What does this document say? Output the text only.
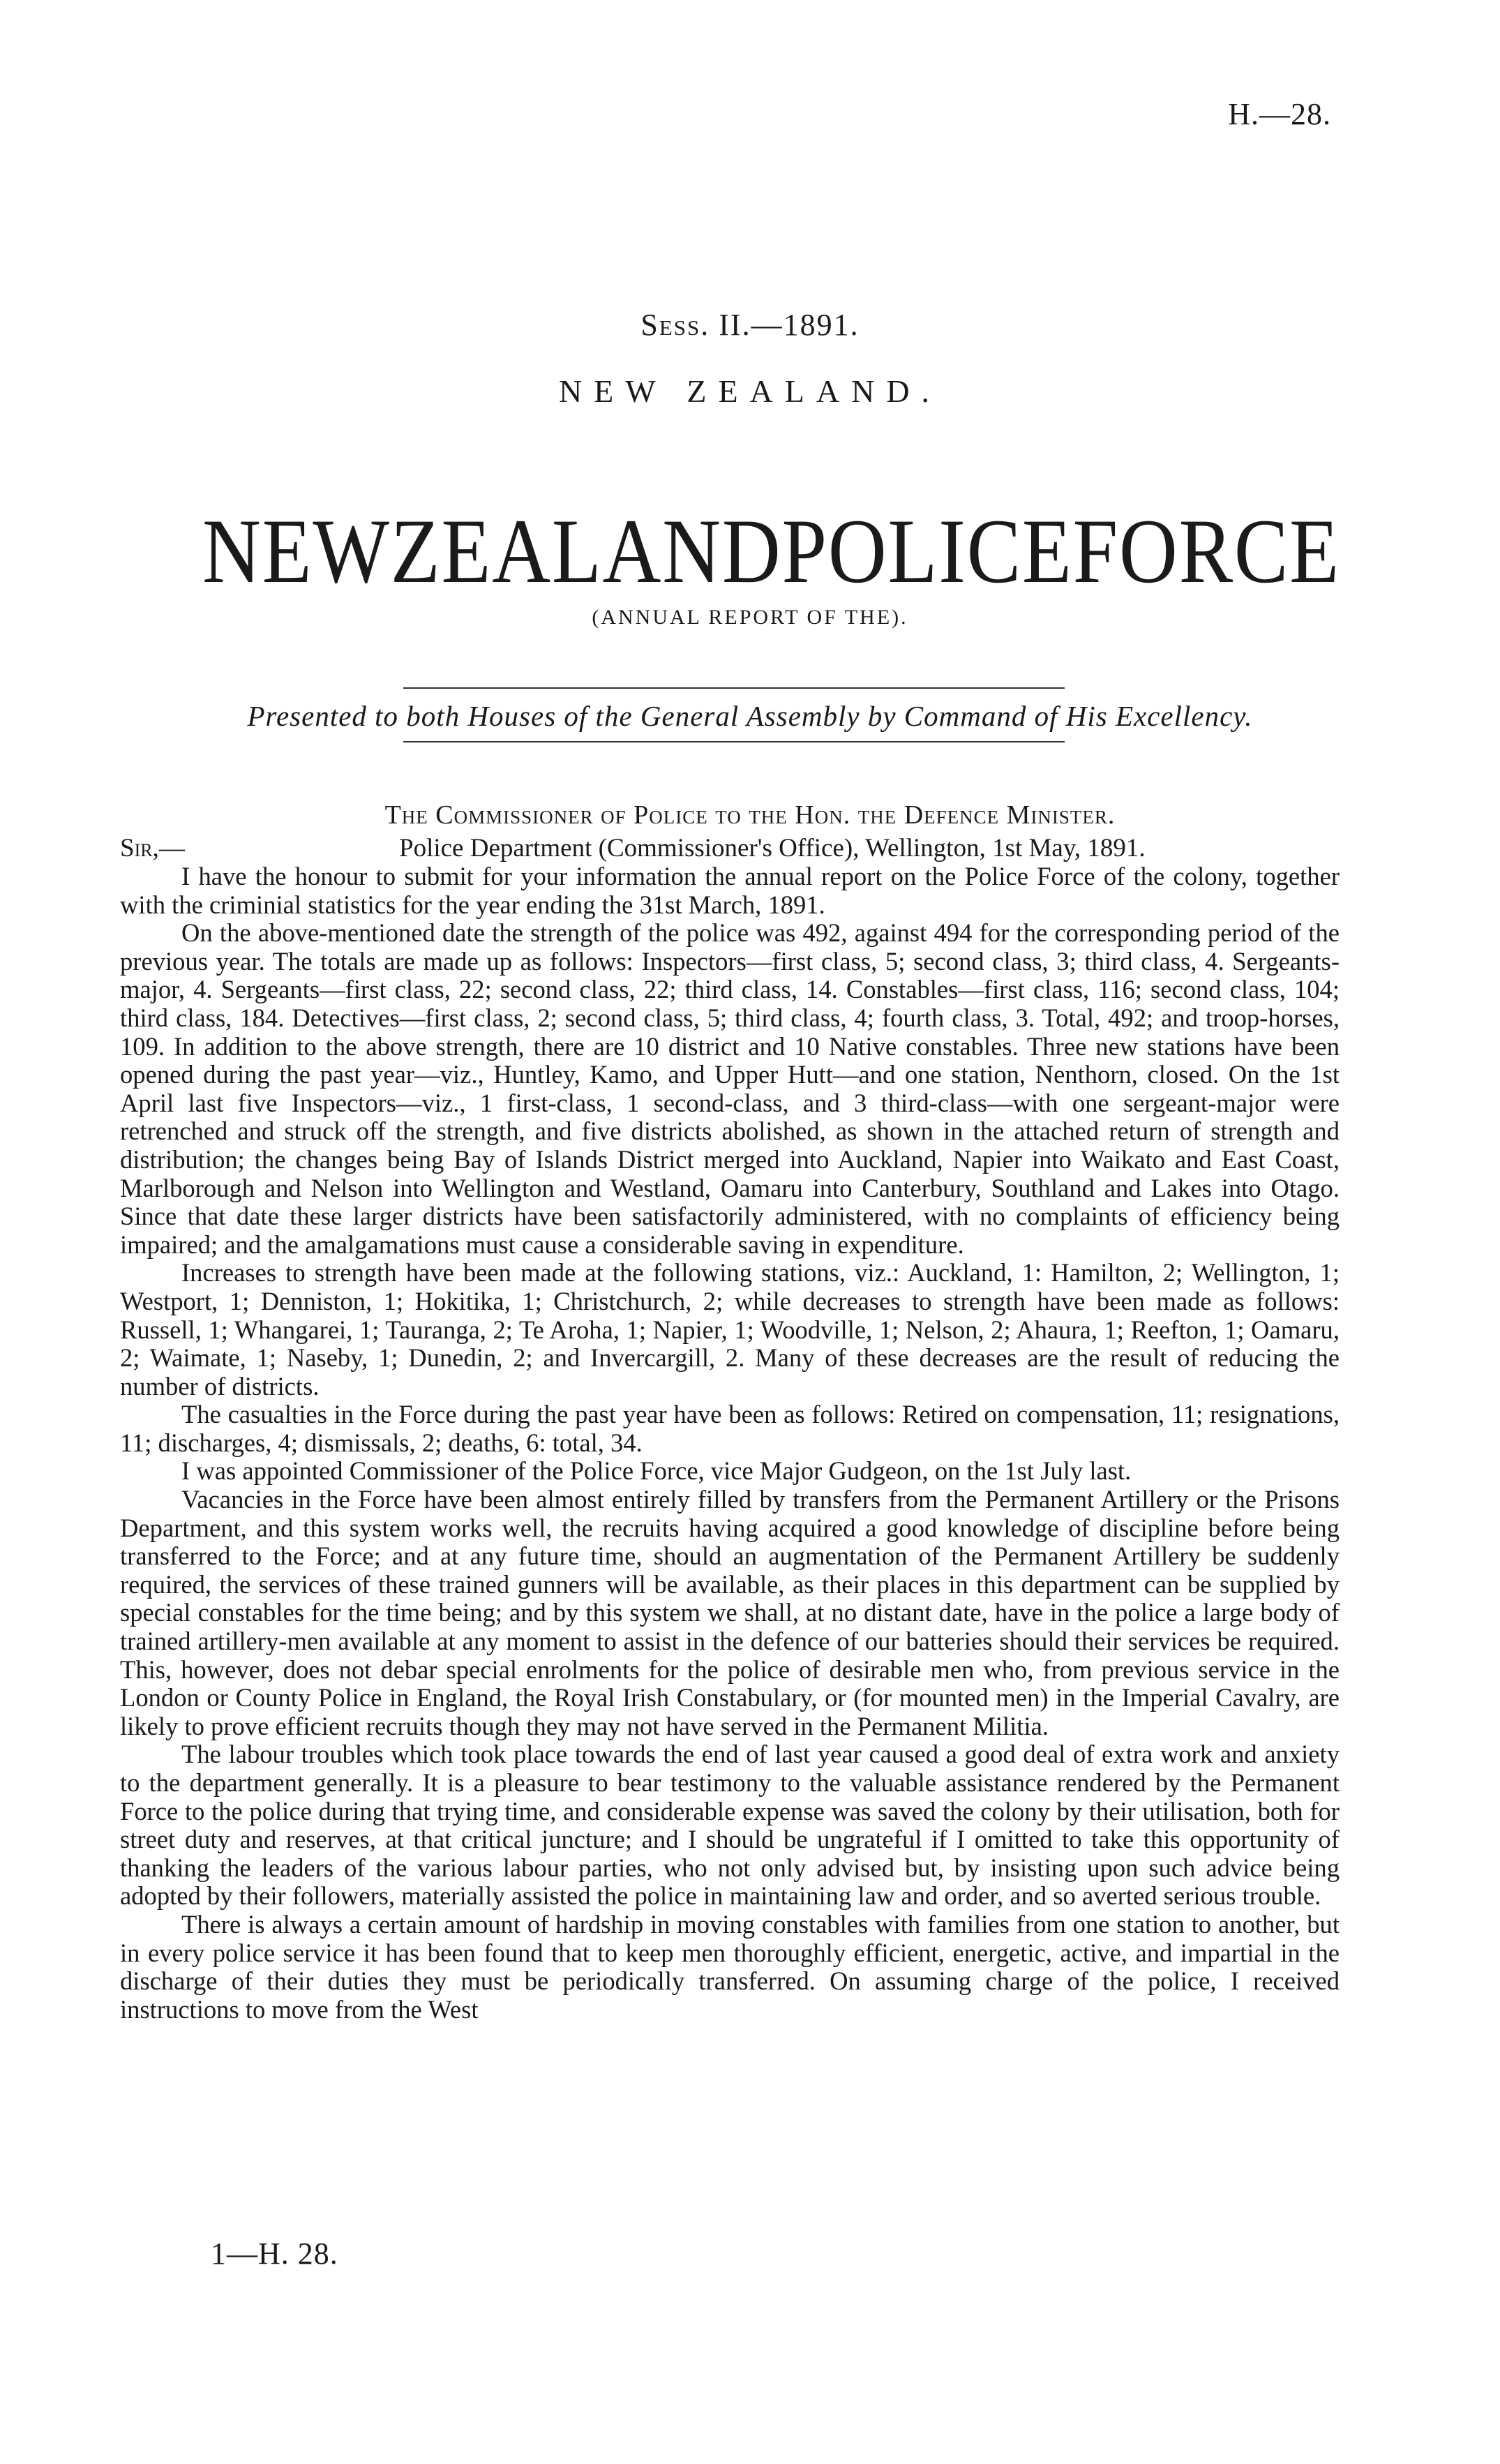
H.—28.
Sess. II.—1891.
NEW ZEALAND.
NEW ZEALAND POLICE FORCE
(ANNUAL REPORT OF THE).
Presented to both Houses of the General Assembly by Command of His Excellency.
The Commissioner of Police to the Hon. the Defence Minister.
Sir,—	Police Department (Commissioner's Office), Wellington, 1st May, 1891.

I have the honour to submit for your information the annual report on the Police Force of the colony, together with the criminial statistics for the year ending the 31st March, 1891.

On the above-mentioned date the strength of the police was 492, against 494 for the corresponding period of the previous year. The totals are made up as follows: Inspectors—first class, 5; second class, 3; third class, 4. Sergeants-major, 4. Sergeants—first class, 22; second class, 22; third class, 14. Constables—first class, 116; second class, 104; third class, 184. Detectives—first class, 2; second class, 5; third class, 4; fourth class, 3. Total, 492; and troop-horses, 109. In addition to the above strength, there are 10 district and 10 Native constables. Three new stations have been opened during the past year—viz., Huntley, Kamo, and Upper Hutt—and one station, Nenthorn, closed. On the 1st April last five Inspectors—viz., 1 first-class, 1 second-class, and 3 third-class—with one sergeant-major were retrenched and struck off the strength, and five districts abolished, as shown in the attached return of strength and distribution; the changes being Bay of Islands District merged into Auckland, Napier into Waikato and East Coast, Marlborough and Nelson into Wellington and Westland, Oamaru into Canterbury, Southland and Lakes into Otago. Since that date these larger districts have been satisfactorily administered, with no complaints of efficiency being impaired; and the amalgamations must cause a considerable saving in expenditure.

Increases to strength have been made at the following stations, viz.: Auckland, 1: Hamilton, 2; Wellington, 1; Westport, 1; Denniston, 1; Hokitika, 1; Christchurch, 2; while decreases to strength have been made as follows: Russell, 1; Whangarei, 1; Tauranga, 2; Te Aroha, 1; Napier, 1; Woodville, 1; Nelson, 2; Ahaura, 1; Reefton, 1; Oamaru, 2; Waimate, 1; Naseby, 1; Dunedin, 2; and Invercargill, 2. Many of these decreases are the result of reducing the number of districts.

The casualties in the Force during the past year have been as follows: Retired on compensation, 11; resignations, 11; discharges, 4; dismissals, 2; deaths, 6: total, 34.

I was appointed Commissioner of the Police Force, vice Major Gudgeon, on the 1st July last.

Vacancies in the Force have been almost entirely filled by transfers from the Permanent Artillery or the Prisons Department, and this system works well, the recruits having acquired a good knowledge of discipline before being transferred to the Force; and at any future time, should an augmentation of the Permanent Artillery be suddenly required, the services of these trained gunners will be available, as their places in this department can be supplied by special constables for the time being; and by this system we shall, at no distant date, have in the police a large body of trained artillery-men available at any moment to assist in the defence of our batteries should their services be required. This, however, does not debar special enrolments for the police of desirable men who, from previous service in the London or County Police in England, the Royal Irish Constabulary, or (for mounted men) in the Imperial Cavalry, are likely to prove efficient recruits though they may not have served in the Permanent Militia.

The labour troubles which took place towards the end of last year caused a good deal of extra work and anxiety to the department generally. It is a pleasure to bear testimony to the valuable assistance rendered by the Permanent Force to the police during that trying time, and considerable expense was saved the colony by their utilisation, both for street duty and reserves, at that critical juncture; and I should be ungrateful if I omitted to take this opportunity of thanking the leaders of the various labour parties, who not only advised but, by insisting upon such advice being adopted by their followers, materially assisted the police in maintaining law and order, and so averted serious trouble.

There is always a certain amount of hardship in moving constables with families from one station to another, but in every police service it has been found that to keep men thoroughly efficient, energetic, active, and impartial in the discharge of their duties they must be periodically transferred. On assuming charge of the police, I received instructions to move from the West

1—H. 28.
